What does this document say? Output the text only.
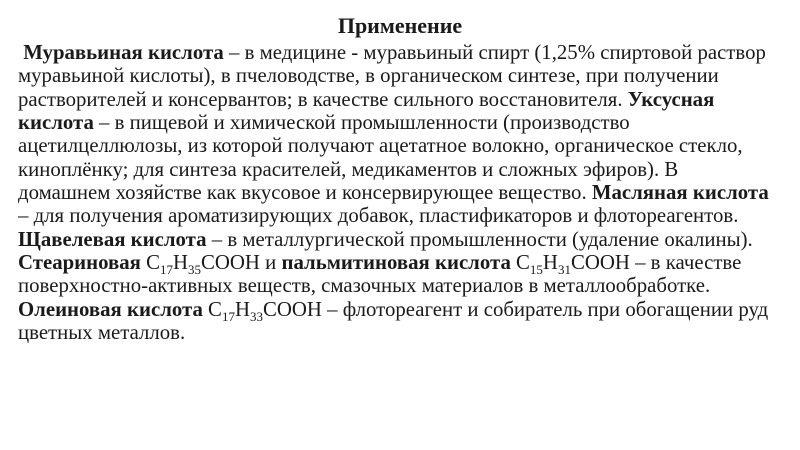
Применение
Муравьиная кислота – в медицине - муравьиный спирт (1,25% спиртовой раствор
муравьиной кислоты), в пчеловодстве, в органическом синтезе, при получении
растворителей и консервантов; в качестве сильного восстановителя. Уксусная
кислота – в пищевой и химической промышленности (производство
ацетилцеллюлозы, из которой получают ацетатное волокно, органическое стекло,
киноплёнку; для синтеза красителей, медикаментов и сложных эфиров). В
домашнем хозяйстве как вкусовое и консервирующее вещество. Масляная кислота
– для получения ароматизирующих добавок, пластификаторов и флотореагентов.
Щавелевая кислота – в металлургической промышленности (удаление окалины).
Стеариновая $C_{17}H_{35}COOH$ и пальмитиновая кислота $C_{15}H_{31}COOH$ – в качестве
поверхностно-активных веществ, смазочных материалов в металлообработке.
Олеиновая кислота $C_{17}H_{33}COOH$ – флотореагент и собиратель при обогащении руд
цветных металлов.
